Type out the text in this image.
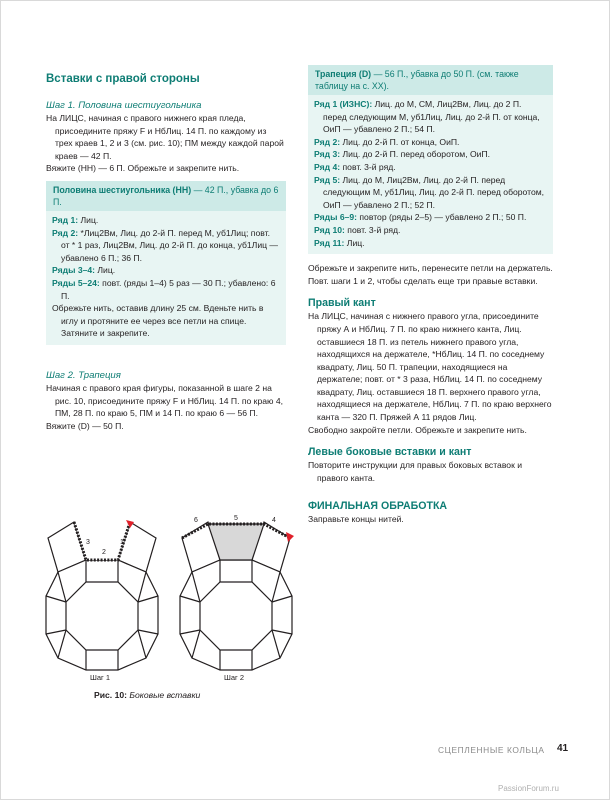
Вставки с правой стороны
Шаг 1. Половина шестиугольника

На ЛИЦС, начиная с правого нижнего края пледа, присоедините пряжу F и НбЛиц. 14 П. по каждому из трех краев 1, 2 и 3 (см. рис. 10); ПМ между каждой парой краев — 42 П.

Вяжите (НН) — 6 П. Обрежьте и закрепите нить.

Половина шестиугольника (НН) — 42 П., убавка до 6 П.

Ряд 1: Лиц.

Ряд 2: *Лиц2Вм, Лиц. до 2-й П. перед М, уб1Лиц; повт. от * 1 раз, Лиц2Вм, Лиц. до 2-й П. до конца, уб1Лиц — убавлено 6 П.; 36 П.

Ряды 3–4: Лиц.

Ряды 5–24: повт. (ряды 1–4) 5 раз — 30 П.; убавлено: 6 П.

Обрежьте нить, оставив длину 25 см. Вденьте нить в иглу и протяните ее через все петли на спице. Затяните и закрепите.

Шаг 2. Трапеция

Начиная с правого края фигуры, показанной в шаге 2 на рис. 10, присоедините пряжу F и НбЛиц. 14 П. по краю 4, ПМ, 28 П. по краю 5, ПМ и 14 П. по краю 6 — 56 П.

Вяжите (D) — 50 П.

3
2
1
6	5	4
Шаг 1	Шаг 2
Рис. 10: Боковые вставки
Трапеция (D) — 56 П., убавка до 50 П. (см. также таблицу на с. XX).

Ряд 1 (ИЗНС): Лиц. до М, СМ, Лиц2Вм, Лиц. до 2 П. перед следующим М, уб1Лиц, Лиц. до 2-й П. от конца, ОиП — убавлено 2 П.; 54 П.

Ряд 2: Лиц. до 2-й П. от конца, ОиП.

Ряд 3: Лиц. до 2-й П. перед оборотом, ОиП.

Ряд 4: повт. 3-й ряд.

Ряд 5: Лиц. до М, Лиц2Вм, Лиц. до 2-й П. перед следующим М, уб1Лиц, Лиц. до 2-й П. перед оборотом, ОиП — убавлено 2 П.; 52 П.

Ряды 6–9: повтор (ряды 2–5) — убавлено 2 П.; 50 П.

Ряд 10: повт. 3-й ряд.

Ряд 11: Лиц.

Обрежьте и закрепите нить, перенесите петли на держатель.

Повт. шаги 1 и 2, чтобы сделать еще три правые вставки.

Правый кант

На ЛИЦС, начиная с нижнего правого угла, присоедините пряжу А и НбЛиц. 7 П. по краю нижнего канта, Лиц. оставшиеся 18 П. из петель нижнего правого угла, находящихся на держателе, *НбЛиц. 14 П. по соседнему квадрату, Лиц. 50 П. трапеции, находящиеся на держателе; повт. от * 3 раза, НбЛиц. 14 П. по соседнему квадрату, Лиц. оставшиеся 18 П. верхнего правого угла, находящиеся на держателе, НбЛиц. 7 П. по краю верхнего канта — 320 П. Пряжей А 11 рядов Лиц.

Свободно закройте петли. Обрежьте и закрепите нить.

Левые боковые вставки и кант

Повторите инструкции для правых боковых вставок и правого канта.

ФИНАЛЬНАЯ ОБРАБОТКА

Заправьте концы нитей.

СЦЕПЛЕННЫЕ КОЛЬЦА 41
PassionForum.ru
